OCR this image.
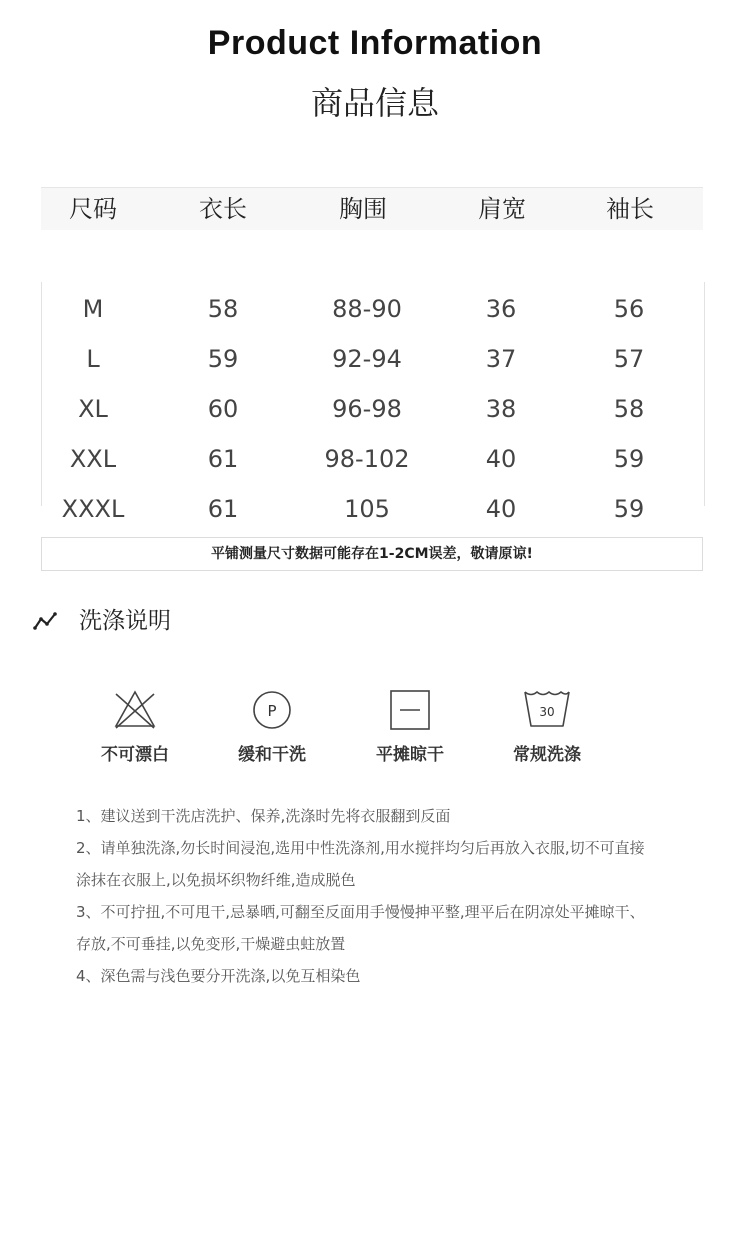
Product Information
商品信息
尺码	衣长	胸围	肩宽	袖长
M	58	88-90	36	56
L	59	92-94	37	57
XL	60	96-98	38	58
XXL	61	98-102	40	59
XXXL	61	105	40	59
平铺测量尺寸数据可能存在1-2CM误差，敬请原谅!
洗涤说明
不可漂白
P
缓和干洗	平摊晾干
30
常规洗涤

1、建议送到干洗店洗护、保养,洗涤时先将衣服翻到反面

2、请单独洗涤,勿长时间浸泡,选用中性洗涤剂,用水搅拌均匀后再放入衣服,切不可直接涂抹在衣服上,以免损坏织物纤维,造成脱色

3、不可拧扭,不可甩干,忌暴晒,可翻至反面用手慢慢抻平整,理平后在阴凉处平摊晾干、存放,不可垂挂,以免变形,干燥避虫蛀放置

4、深色需与浅色要分开洗涤,以免互相染色
